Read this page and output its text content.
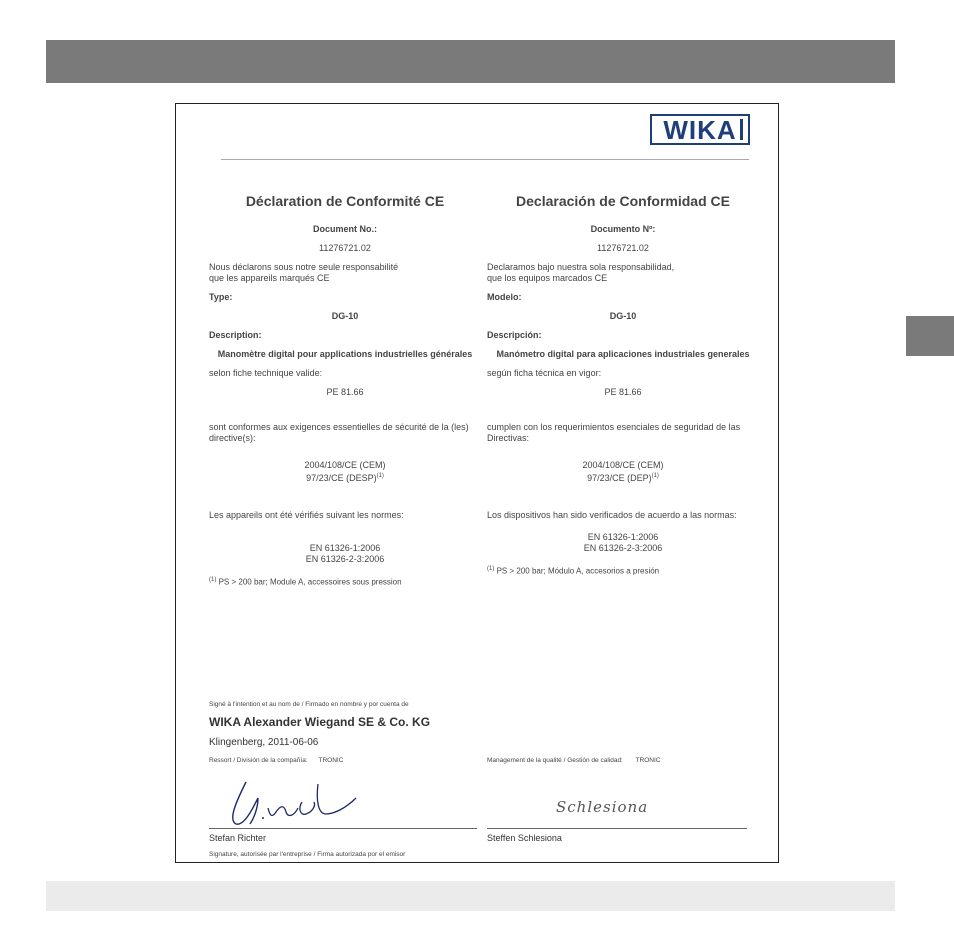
WIKA
Déclaration de Conformité CE
Document No.:
11276721.02
Nous déclarons sous notre seule responsabilité
que les appareils marqués CE
Type:
DG-10
Description:
Manomètre digital pour applications industrielles générales
selon fiche technique valide:
PE 81.66
sont conformes aux exigences essentielles de sécurité de la (les) directive(s):
2004/108/CE (CEM)
97/23/CE (DESP)$^{(1)}$
Les appareils ont été vérifiés suivant les normes:
EN 61326-1:2006
EN 61326-2-3:2006
$^{(1)}$ PS > 200 bar; Module A, accessoires sous pression
Declaración de Conformidad CE
Documento Nº:
11276721.02
Declaramos bajo nuestra sola responsabilidad,
que los equipos marcados CE
Modelo:
DG-10
Descripción:
Manómetro digital para aplicaciones industriales generales
según ficha técnica en vigor:
PE 81.66
cumplen con los requerimientos esenciales de seguridad de las Directivas:
2004/108/CE (CEM)
97/23/CE (DEP)$^{(1)}$
Los dispositivos han sido verificados de acuerdo a las normas:
EN 61326-1:2006
EN 61326-2-3:2006
$^{(1)}$ PS > 200 bar; Módulo A, accesorios a presión
Signé à l'intention et au nom de / Firmado en nombre y por cuenta de
WIKA Alexander Wiegand SE & Co. KG
Klingenberg, 2011-06-06
Ressort / División de la compañía: TRONIC	Management de la qualité / Gestión de calidad: TRONIC
Schlesiona
Stefan Richter	Steffen Schlesiona
Signature, autorisée par l'entreprise / Firma autorizada por el emisor
